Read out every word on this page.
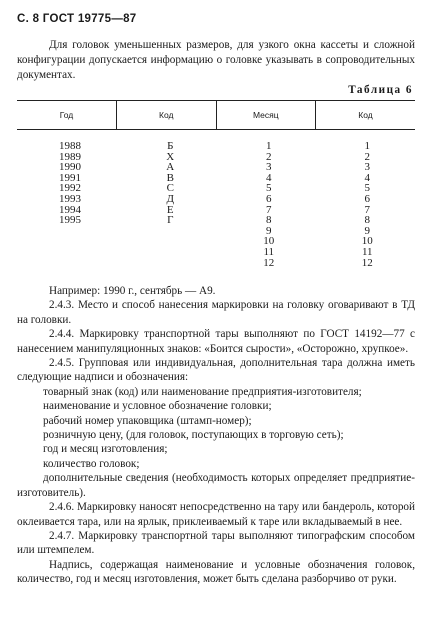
С. 8 ГОСТ 19775—87

Для головок уменьшенных размеров, для узкого окна кассеты и сложной конфигурации допускается информацию о головке указывать в сопроводительных документах.

Таблица 6
Год	Код	Месяц	Код
1988	Б	1	1
1989	Х	2	2
1990	А	3	3
1991	В	4	4
1992	С	5	5
1993	Д	6	6
1994	Е	7	7
1995	Г	8	8
		9	9
		10	10
		11	11
		12	12

Например: 1990 г., сентябрь — А9.

2.4.3. Место и способ нанесения маркировки на головку оговаривают в ТД на головки.

2.4.4. Маркировку транспортной тары выполняют по ГОСТ 14192—77 с нанесением манипуляционных знаков: «Боится сырости», «Осторожно, хрупкое».

2.4.5. Групповая или индивидуальная, дополнительная тара должна иметь следующие надписи и обозначения:

товарный знак (код) или наименование предприятия-изготовителя;

наименование и условное обозначение головки;

рабочий номер упаковщика (штамп-номер);

розничную цену, (для головок, поступающих в торговую сеть);

год и месяц изготовления;

количество головок;

дополнительные сведения (необходимость которых определяет предприятие-изготовитель).

2.4.6. Маркировку наносят непосредственно на тару или бандероль, которой оклеивается тара, или на ярлык, приклеиваемый к таре или вкладываемый в нее.

2.4.7. Маркировку транспортной тары выполняют типографским способом или штемпелем.

Надпись, содержащая наименование и условные обозначения головок, количество, год и месяц изготовления, может быть сделана разборчиво от руки.
